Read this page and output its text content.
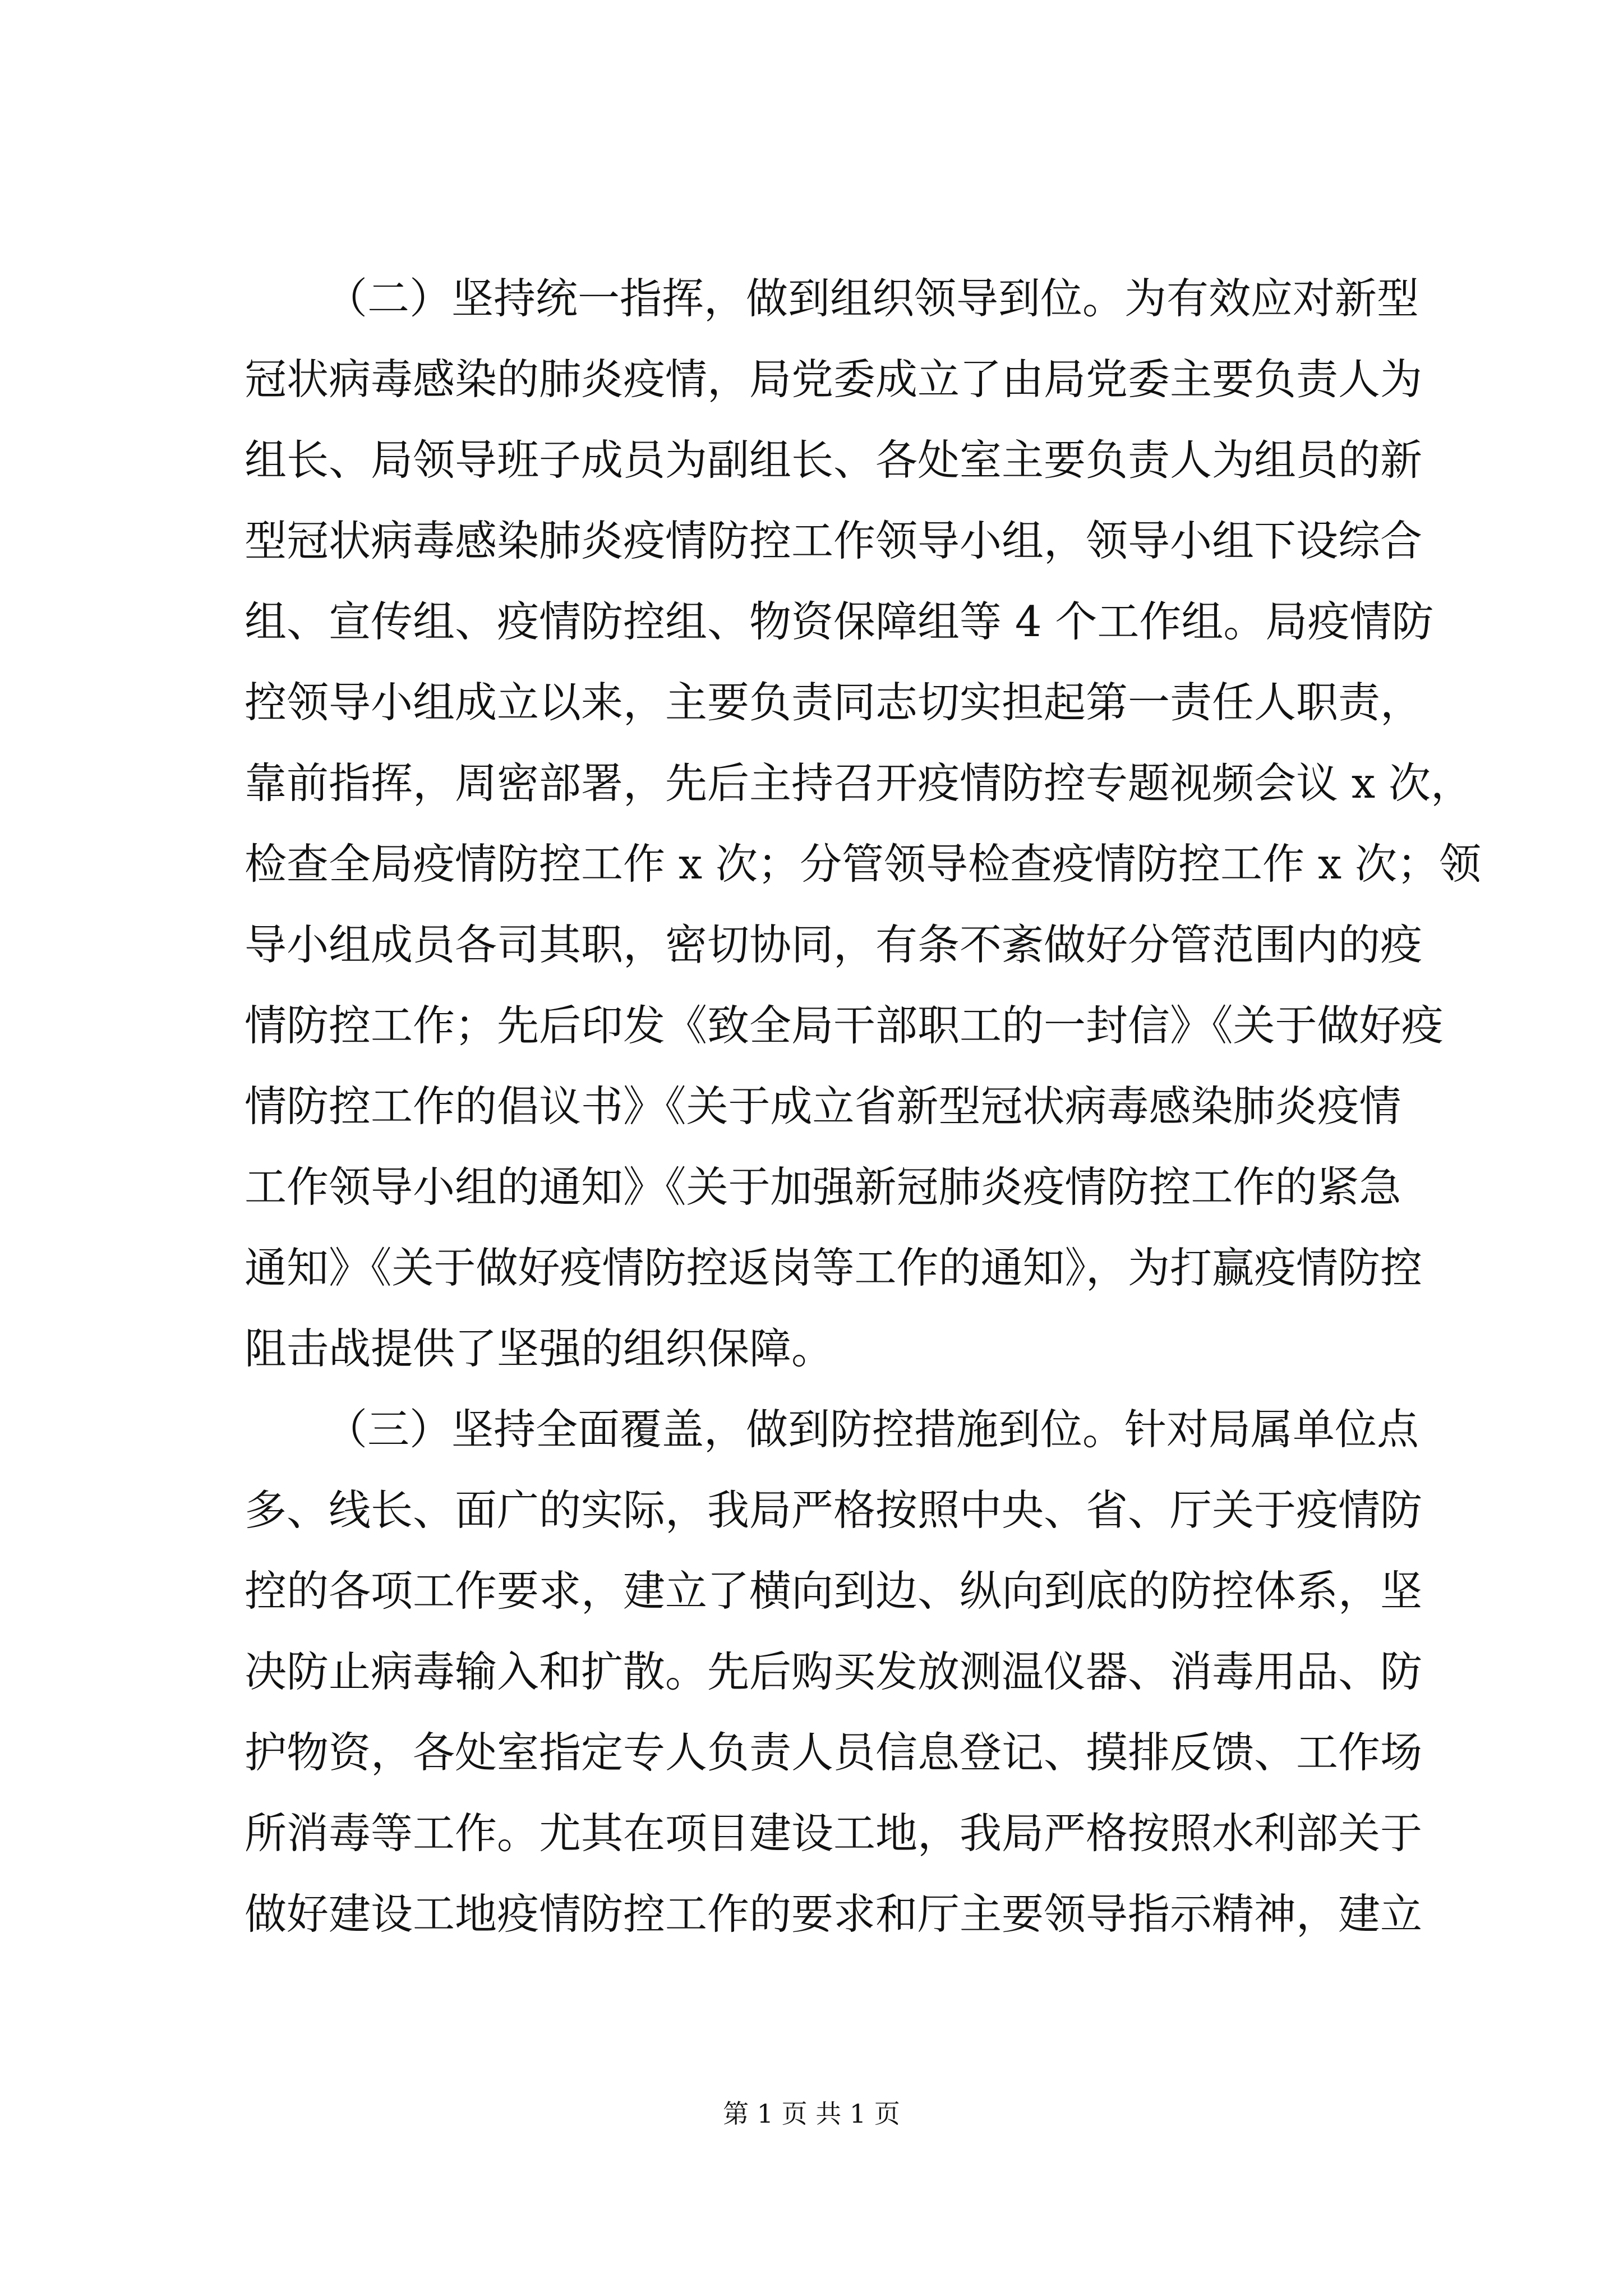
（二）坚持统一指挥，做到组织领导到位。为有效应对新型
冠状病毒感染的肺炎疫情，局党委成立了由局党委主要负责人为
组长、局领导班子成员为副组长、各处室主要负责人为组员的新
型冠状病毒感染肺炎疫情防控工作领导小组，领导小组下设综合
组、宣传组、疫情防控组、物资保障组等 4 个工作组。局疫情防
控领导小组成立以来，主要负责同志切实担起第一责任人职责，
靠前指挥，周密部署，先后主持召开疫情防控专题视频会议 x 次，
检查全局疫情防控工作 x 次；分管领导检查疫情防控工作 x 次；领
导小组成员各司其职，密切协同，有条不紊做好分管范围内的疫
情防控工作；先后印发《致全局干部职工的一封信》《关于做好疫
情防控工作的倡议书》《关于成立省新型冠状病毒感染肺炎疫情
工作领导小组的通知》《关于加强新冠肺炎疫情防控工作的紧急
通知》《关于做好疫情防控返岗等工作的通知》，为打赢疫情防控
阻击战提供了坚强的组织保障。
（三）坚持全面覆盖，做到防控措施到位。针对局属单位点
多、线长、面广的实际，我局严格按照中央、省、厅关于疫情防
控的各项工作要求，建立了横向到边、纵向到底的防控体系，坚
决防止病毒输入和扩散。先后购买发放测温仪器、消毒用品、防
护物资，各处室指定专人负责人员信息登记、摸排反馈、工作场
所消毒等工作。尤其在项目建设工地，我局严格按照水利部关于
做好建设工地疫情防控工作的要求和厅主要领导指示精神，建立
第 1 页 共 1 页
